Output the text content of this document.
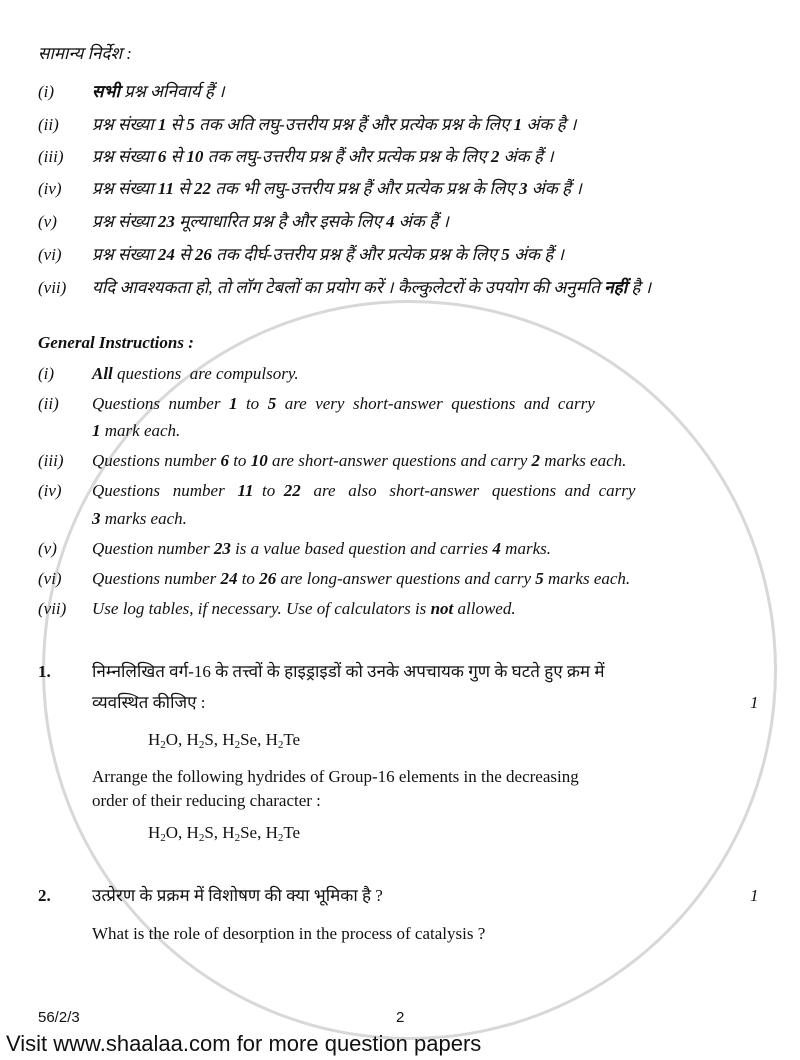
सामान्य निर्देश :
(i) सभी प्रश्न अनिवार्य हैं ।
(ii) प्रश्न संख्या 1 से 5 तक अति लघु-उत्तरीय प्रश्न हैं और प्रत्येक प्रश्न के लिए 1 अंक है ।
(iii) प्रश्न संख्या 6 से 10 तक लघु-उत्तरीय प्रश्न हैं और प्रत्येक प्रश्न के लिए 2 अंक हैं ।
(iv) प्रश्न संख्या 11 से 22 तक भी लघु-उत्तरीय प्रश्न हैं और प्रत्येक प्रश्न के लिए 3 अंक हैं ।
(v) प्रश्न संख्या 23 मूल्याधारित प्रश्न है और इसके लिए 4 अंक हैं ।
(vi) प्रश्न संख्या 24 से 26 तक दीर्घ-उत्तरीय प्रश्न हैं और प्रत्येक प्रश्न के लिए 5 अंक हैं ।
(vii) यदि आवश्यकता हो, तो लॉग टेबलों का प्रयोग करें । कैल्कुलेटरों के उपयोग की अनुमति नहीं है ।
General Instructions :
(i) All questions  are compulsory.
(ii) Questions  number  1  to  5  are  very  short-answer  questions  and  carry
1 mark each.
(iii) Questions number 6 to 10 are short-answer questions and carry 2 marks each.
(iv) Questions   number   11  to  22   are   also   short-answer   questions  and  carry
3 marks each.
(v) Question number 23 is a value based question and carries 4 marks.
(vi) Questions number 24 to 26 are long-answer questions and carry 5 marks each.
(vii) Use log tables, if necessary. Use of calculators is not allowed.
1. निम्नलिखित वर्ग-16 के तत्त्वों के हाइड्राइडों को उनके अपचायक गुण के घटते हुए क्रम में
व्यवस्थित कीजिए :	1
$H_2O$, $H_2S$, $H_2Se$, $H_2Te$
Arrange the following hydrides of Group-16 elements in the decreasing
order of their reducing character :
$H_2O$, $H_2S$, $H_2Se$, $H_2Te$
2. उत्प्रेरण के प्रक्रम में विशोषण की क्या भूमिका है ?	1
What is the role of desorption in the process of catalysis ?
56/2/3	2
Visit www.shaalaa.com for more question papers
